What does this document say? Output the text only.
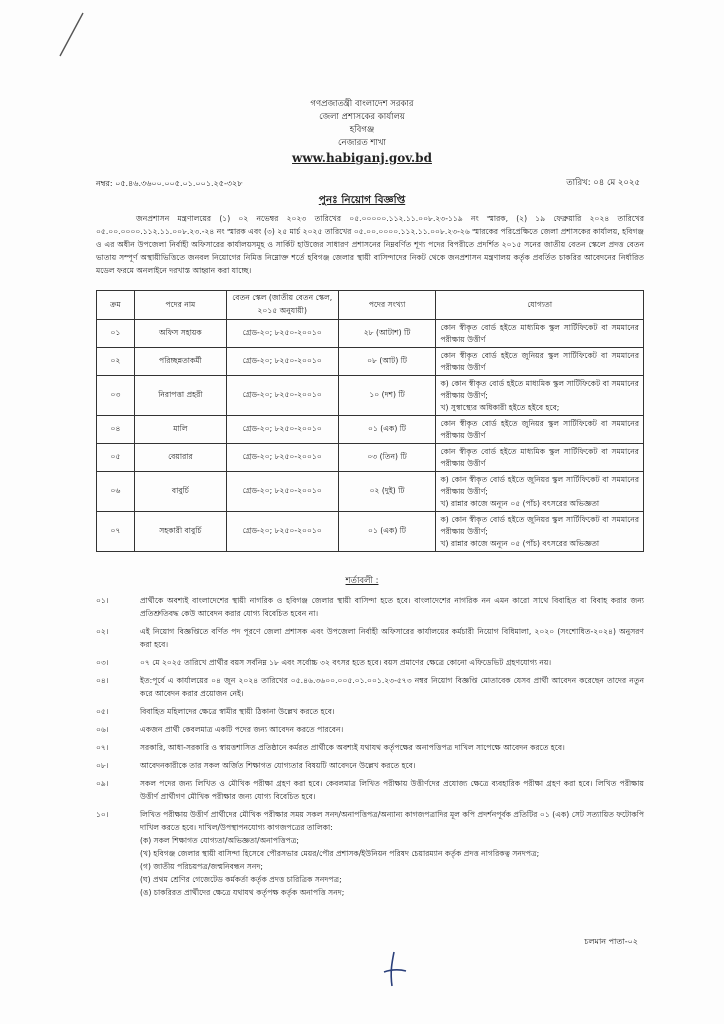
গণপ্রজাতন্ত্রী বাংলাদেশ সরকার
জেলা প্রশাসকের কার্যালয়
হবিগঞ্জ
নেজারত শাখা
www.habiganj.gov.bd
নম্বর: ০৫.৪৬.৩৬০০.০০৫.০১.০০১.২৫-৩২৮	তারিখ: ০৪ মে ২০২৫
পুনঃ নিয়োগ বিজ্ঞপ্তি
জনপ্রশাসন মন্ত্রণালয়ের (১) ০২ নভেম্বর ২০২৩ তারিখের ০৫.০০০০০.১১২.১১.০০৮.২৩-১১৯ নং স্মারক, (২) ১৯ ফেব্রুয়ারি ২০২৪ তারিখের ০৫.০০.০০০০.১১২.১১.০০৮.২৩.-২৪ নং স্মারক এবং (৩) ২৫ মার্চ ২০২৫ তারিখের ০৫.০০.০০০০.১১২.১১.০০৮.২৩-২৬ স্মারকের পরিপ্রেক্ষিতে জেলা প্রশাসকের কার্যালয়, হবিগঞ্জ ও এর অধীন উপজেলা নির্বাহী অফিসারের কার্যালয়সমূহ ও সার্কিট হাউজের সাধারণ প্রশাসনের নিম্নবর্ণিত শূণ্য পদের বিপরীতে প্রদর্শিত ২০১৫ সনের জাতীয় বেতন স্কেলে প্রদত্ত বেতন ভাতায় সম্পূর্ণ অস্থায়ীভিত্তিতে জনবল নিয়োগের নিমিত্ত নিম্নোক্ত শর্তে হবিগঞ্জ জেলার স্থায়ী বাসিন্দাদের নিকট থেকে জনপ্রশাসন মন্ত্রণালয় কর্তৃক প্রবর্তিত চাকরির আবেদনের নির্ধারিত মডেল ফরমে অনলাইনে দরখাস্ত আহ্বান করা যাচ্ছে।
ক্রম	পদের নাম	বেতন স্কেল (জাতীয় বেতন স্কেল, ২০১৫ অনুযায়ী)	পদের সংখ্যা	যোগ্যতা
০১	অফিস সহায়ক	গ্রেড-২০; ৮২৫০-২০০১০	২৮ (আটাশ) টি	কোন স্বীকৃত বোর্ড হইতে মাধ্যমিক স্কুল সার্টিফিকেট বা সমমানের পরীক্ষায় উত্তীর্ণ
০২	পরিচ্ছন্নতাকর্মী	গ্রেড-২০; ৮২৫০-২০০১০	০৮ (আট) টি	কোন স্বীকৃত বোর্ড হইতে জুনিয়র স্কুল সার্টিফিকেট বা সমমানের পরীক্ষায় উত্তীর্ণ
০৩	নিরাপত্তা প্রহরী	গ্রেড-২০; ৮২৫০-২০০১০	১০ (দশ) টি	ক) কোন স্বীকৃত বোর্ড হইতে মাধ্যমিক স্কুল সার্টিফিকেট বা সমমানের পরীক্ষায় উত্তীর্ণ;
খ) সুস্বাস্থ্যের অধিকারী হইতে হইবে হবে;

০৪	মালি	গ্রেড-২০; ৮২৫০-২০০১০	০১ (এক) টি	কোন স্বীকৃত বোর্ড হইতে জুনিয়র স্কুল সার্টিফিকেট বা সমমানের পরীক্ষায় উত্তীর্ণ
০৫	বেয়ারার	গ্রেড-২০; ৮২৫০-২০০১০	০৩ (তিন) টি	কোন স্বীকৃত বোর্ড হইতে মাধ্যমিক স্কুল সার্টিফিকেট বা সমমানের পরীক্ষায় উত্তীর্ণ
০৬	বাবুর্চি	গ্রেড-২০; ৮২৫০-২০০১০	০২ (দুই) টি	ক) কোন স্বীকৃত বোর্ড হইতে জুনিয়র স্কুল সার্টিফিকেট বা সমমানের পরীক্ষায় উত্তীর্ণ;
খ) রান্নার কাজে অন্যূন ০৫ (পাঁচ) বৎসরের অভিজ্ঞতা

০৭	সহকারী বাবুর্চি	গ্রেড-২০; ৮২৫০-২০০১০	০১ (এক) টি	ক) কোন স্বীকৃত বোর্ড হইতে জুনিয়র স্কুল সার্টিফিকেট বা সমমানের পরীক্ষায় উত্তীর্ণ;
খ) রান্নার কাজে অন্যূন ০৫ (পাঁচ) বৎসরের অভিজ্ঞতা
শর্তাবলী :
০১।	প্রার্থীকে অবশ্যই বাংলাদেশের স্থায়ী নাগরিক ও হবিগঞ্জ জেলার স্থায়ী বাসিন্দা হতে হবে। বাংলাদেশের নাগরিক নন এমন কারো সাথে বিবাহিত বা বিবাহ করার জন্য প্রতিশ্রুতিবদ্ধ কেউ আবেদন করার যোগ্য বিবেচিত হবেন না।
০২।	এই নিয়োগ বিজ্ঞপ্তিতে বর্ণিত পদ পূরণে জেলা প্রশাসক এবং উপজেলা নির্বাহী অফিসারের কার্যালয়ের কর্মচারী নিয়োগ বিধিমালা, ২০২০ (সংশোধিত-২০২৪) অনুসরণ করা হবে।
০৩।	০৭ মে ২০২৫ তারিখে প্রার্থীর বয়স সর্বনিম্ন ১৮ এবং সর্বোচ্চ ৩২ বৎসর হতে হবে। বয়স প্রমাণের ক্ষেত্রে কোনো এফিডেভিট গ্রহণযোগ্য নয়।
০৪।	ইত:পূর্বে এ কার্যালয়ের ০৪ জুন ২০২৪ তারিখের ০৫.৪৬.৩৬০০.০০৫.০১.০০১.২৩-৫৭৩ নম্বর নিয়োগ বিজ্ঞপ্তি মোতাবেক যেসব প্রার্থী আবেদন করেছেন তাদের নতুন করে আবেদন করার প্রয়োজন নেই।
০৫।	বিবাহিত মহিলাদের ক্ষেত্রে স্বামীর স্থায়ী ঠিকানা উল্লেখ করতে হবে।
০৬।	একজন প্রার্থী কেবলমাত্র একটি পদের জন্য আবেদন করতে পারবেন।
০৭।	সরকারি, আধা-সরকারি ও স্বায়ত্তশাসিত প্রতিষ্ঠানে কর্মরত প্রার্থীকে অবশ্যই যথাযথ কর্তৃপক্ষের অনাপত্তিপত্র দাখিল সাপেক্ষে আবেদন করতে হবে।
০৮।	আবেদনকারীকে তার সকল অর্জিত শিক্ষাগত যোগ্যতার বিষয়টি আবেদনে উল্লেখ করতে হবে।
০৯।	সকল পদের জন্য লিখিত ও মৌখিক পরীক্ষা গ্রহণ করা হবে। কেবলমাত্র লিখিত পরীক্ষায় উত্তীর্ণদের প্রযোজ্য ক্ষেত্রে ব্যবহারিক পরীক্ষা গ্রহণ করা হবে। লিখিত পরীক্ষায় উত্তীর্ণ প্রার্থীগণ মৌখিক পরীক্ষার জন্য যোগ্য বিবেচিত হবে।
১০।	লিখিত পরীক্ষায় উত্তীর্ণ প্রার্থীদের মৌখিক পরীক্ষার সময় সকল সনদ/অনাপত্তিপত্র/অন্যান্য কাগজপত্রাদির মূল কপি প্রদর্শনপূর্বক প্রতিটির ০১ (এক) সেট সত্যায়িত ফটোকপি দাখিল করতে হবে। দাখিল/উপস্থাপনযোগ্য কাগজপত্রের তালিকা:
(ক) সকল শিক্ষাগত যোগ্যতা/অভিজ্ঞতা/অনাপত্তিপত্র;
(খ) হবিগঞ্জ জেলার স্থায়ী বাসিন্দা হিসেবে পৌরসভার মেয়র/পৌর প্রশাসক/ইউনিয়ন পরিষদ চেয়ারম্যান কর্তৃক প্রদত্ত নাগরিকত্ব সনদপত্র;
(গ) জাতীয় পরিচয়পত্র/জন্মনিবন্ধন সনদ;
(ঘ) প্রথম শ্রেণির গেজেটেড কর্মকর্তা কর্তৃক প্রদত্ত চারিত্রিক সনদপত্র;
(ঙ) চাকরিরত প্রার্থীদের ক্ষেত্রে যথাযথ কর্তৃপক্ষ কর্তৃক অনাপত্তি সনদ;
চলমান পাতা-০২
